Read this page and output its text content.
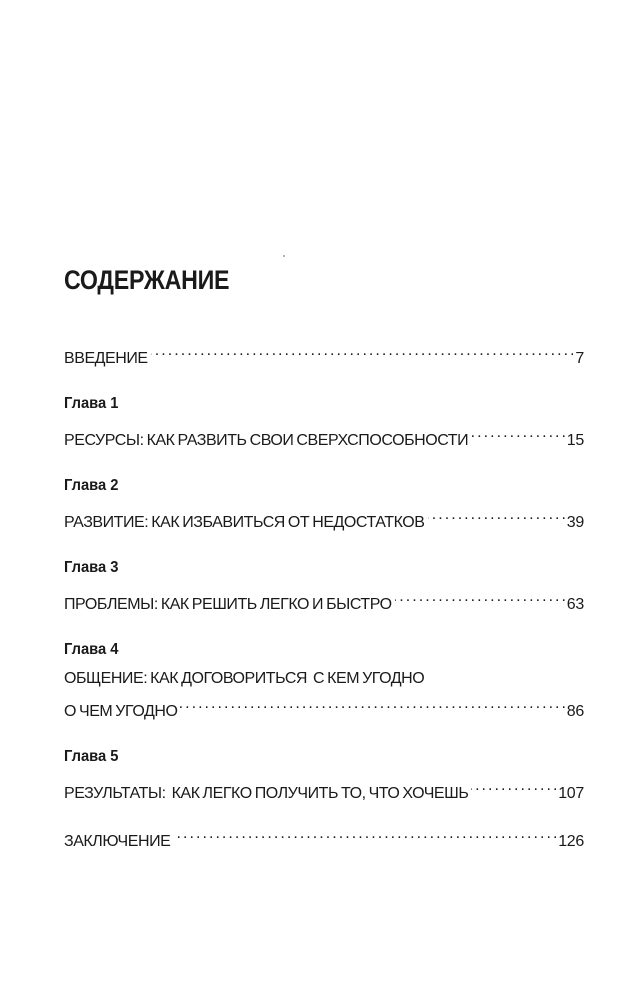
СОДЕРЖАНИЕ
ВВЕДЕНИЕ . . .	7
Глава 1
РЕСУРСЫ: КАК РАЗВИТЬ СВОИ СВЕРХСПОСОБНОСТИ . . .	15
Глава 2
РАЗВИТИЕ: КАК ИЗБАВИТЬСЯ ОТ НЕДОСТАТКОВ . . .	39
Глава 3
ПРОБЛЕМЫ: КАК РЕШИТЬ ЛЕГКО И БЫСТРО . . .	63
Глава 4
ОБЩЕНИЕ: КАК ДОГОВОРИТЬСЯ  С КЕМ УГОДНО
О ЧЕМ УГОДНО . . .	86
Глава 5
РЕЗУЛЬТАТЫ:  КАК ЛЕГКО ПОЛУЧИТЬ ТО, ЧТО ХОЧЕШЬ . . .	107
ЗАКЛЮЧЕНИЕ . . .	126
